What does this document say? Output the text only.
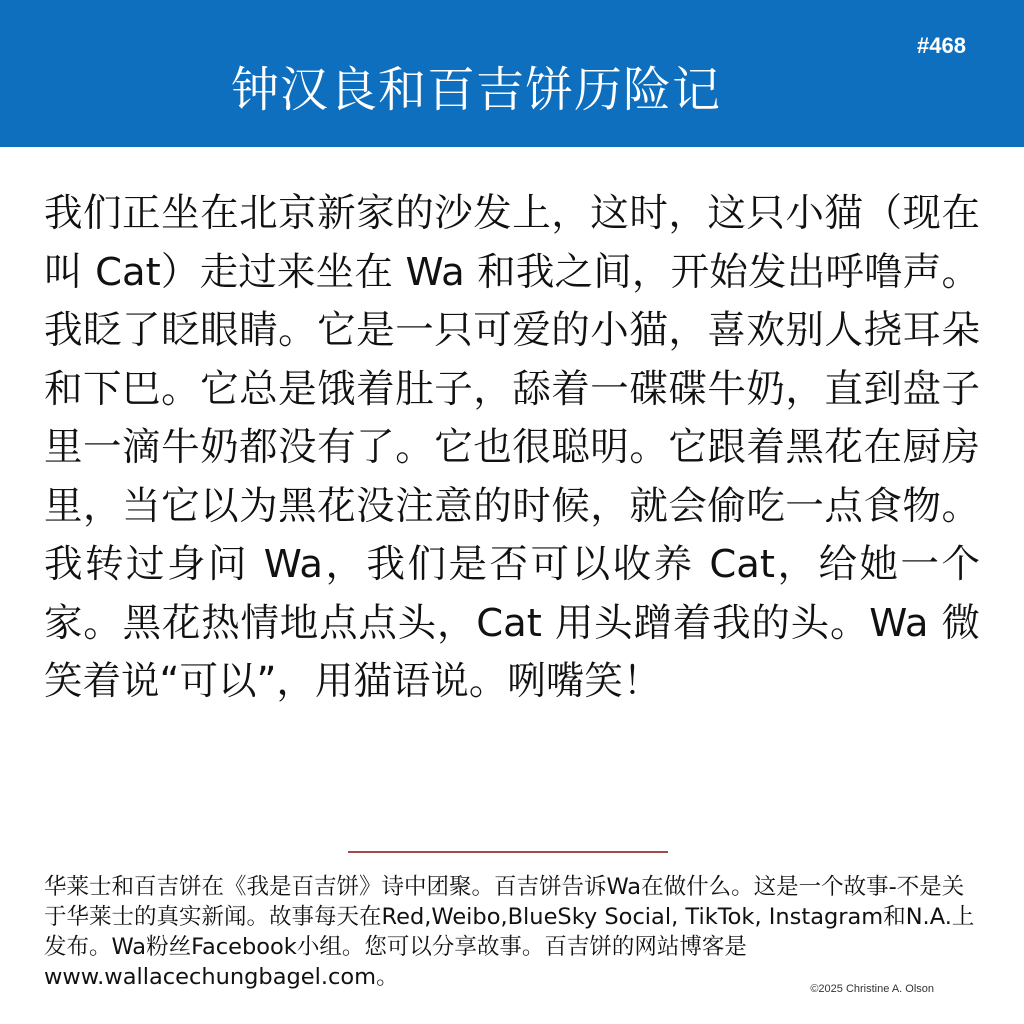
钟汉良和百吉饼历险记
#468

我们正坐在北京新家的沙发上，这时，这只小猫（现在叫 Cat）走过来坐在 Wa 和我之间，开始发出呼噜声。我眨了眨眼睛。它是一只可爱的小猫，喜欢别人挠耳朵和下巴。它总是饿着肚子，舔着一碟碟牛奶，直到盘子里一滴牛奶都没有了。它也很聪明。它跟着黑花在厨房里，当它以为黑花没注意的时候，就会偷吃一点食物。我转过身问 Wa，我们是否可以收养 Cat，给她一个家。黑花热情地点点头，Cat 用头蹭着我的头。Wa 微笑着说“可以”，用猫语说。咧嘴笑！

华莱士和百吉饼在《我是百吉饼》诗中团聚。百吉饼告诉Wa在做什么。这是一个故事-不是关于华莱士的真实新闻。故事每天在Red,Weibo,BlueSky Social, TikTok, Instagram和N.A.上发布。Wa粉丝Facebook小组。您可以分享故事。百吉饼的网站博客是www.wallacechungbagel.com。	©2025 Christine A. Olson
